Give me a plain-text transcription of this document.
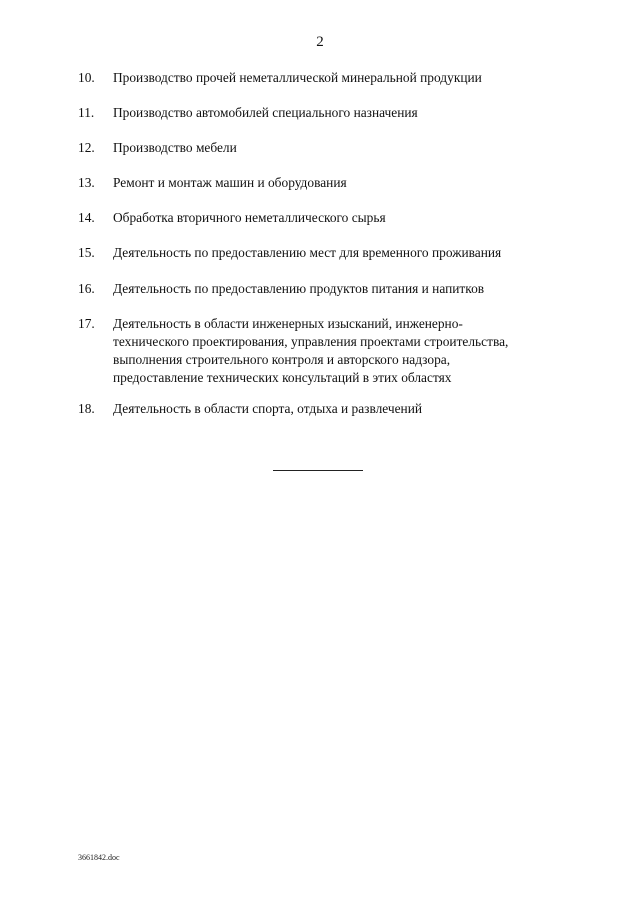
2
10.	Производство прочей неметаллической минеральной продукции
11.	Производство автомобилей специального назначения
12.	Производство мебели
13.	Ремонт и монтаж машин и оборудования
14.	Обработка вторичного неметаллического сырья
15.	Деятельность по предоставлению мест для временного проживания
16.	Деятельность по предоставлению продуктов питания и напитков
17.	Деятельность в области инженерных изысканий, инженерно-
технического проектирования, управления проектами строительства,
выполнения строительного контроля и авторского надзора,
предоставление технических консультаций в этих областях
18.	Деятельность в области спорта, отдыха и развлечений
3661842.doc
